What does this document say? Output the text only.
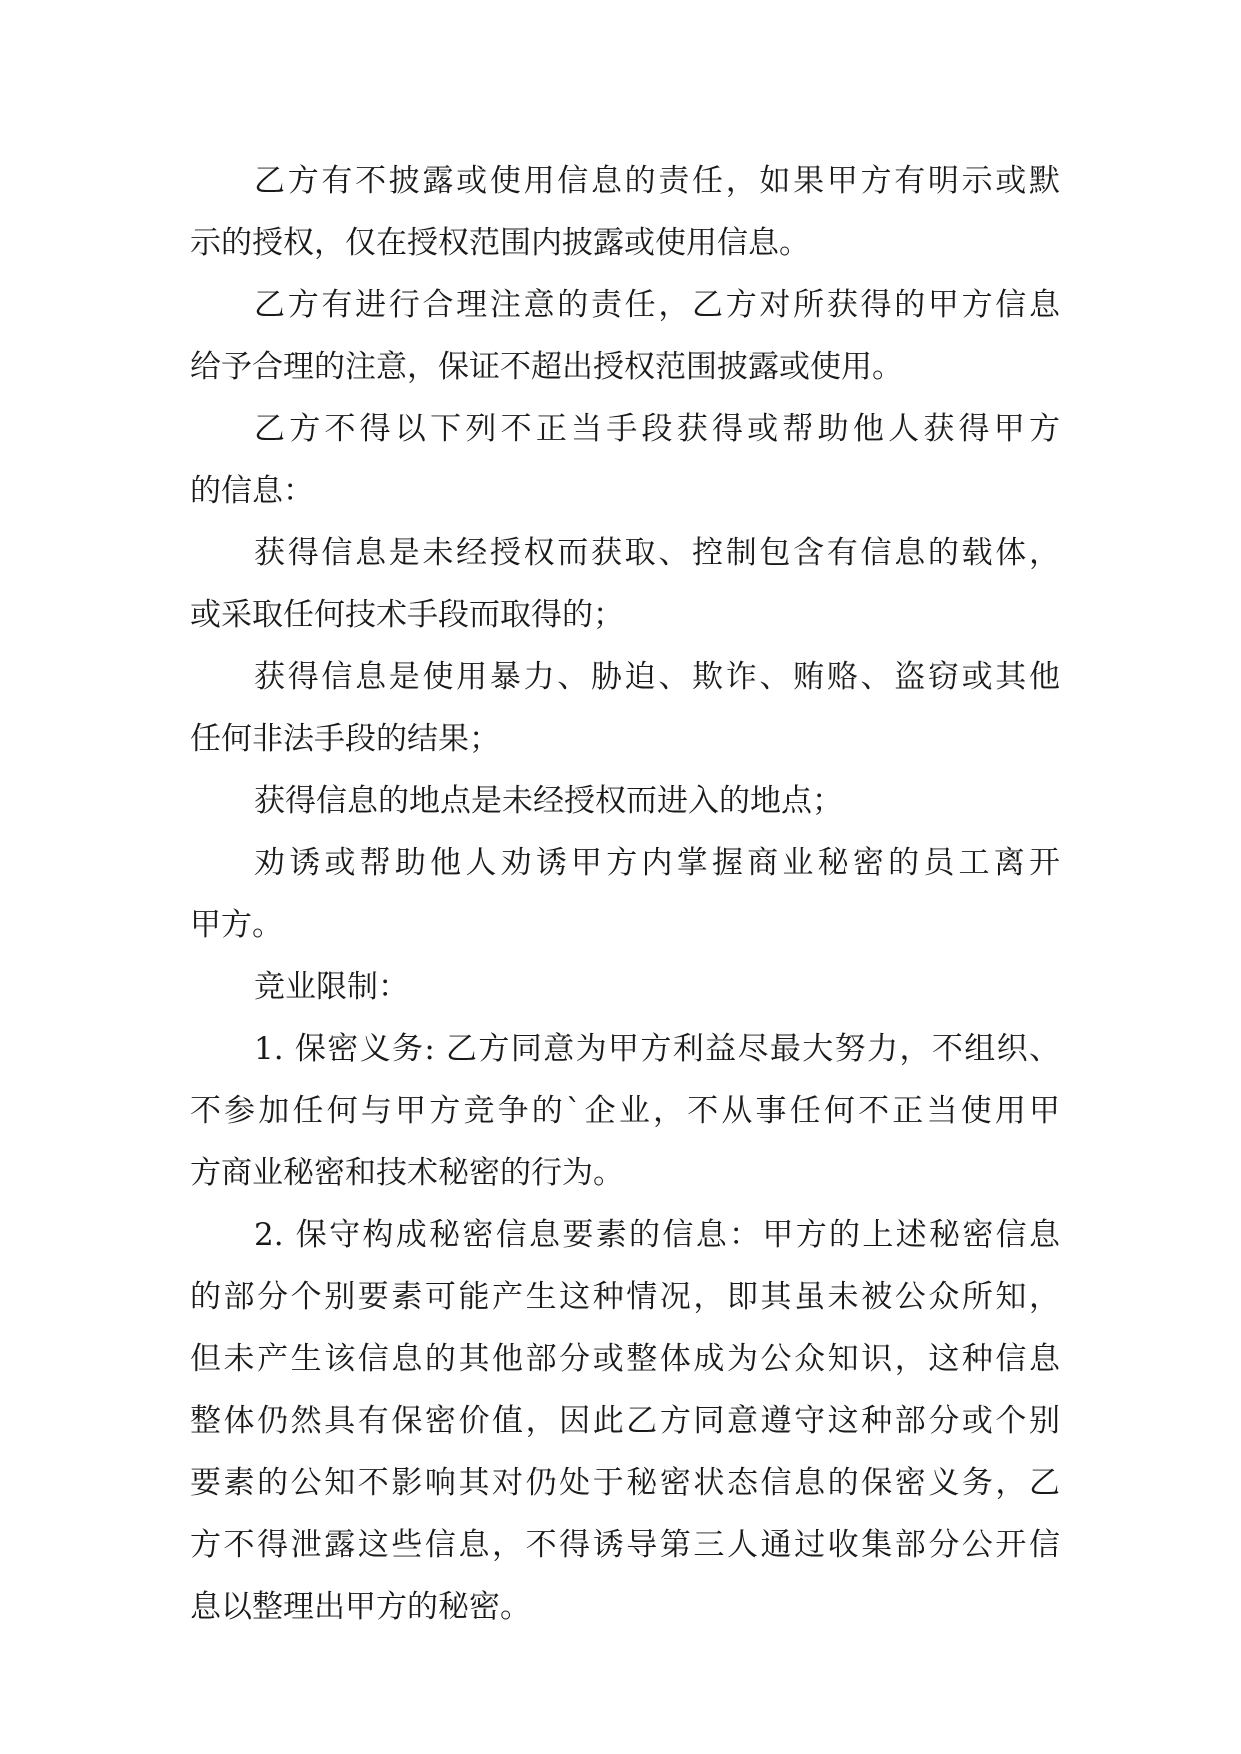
乙方有不披露或使用信息的责任，如果甲方有明示或默
示的授权，仅在授权范围内披露或使用信息。
乙方有进行合理注意的责任，乙方对所获得的甲方信息
给予合理的注意，保证不超出授权范围披露或使用。
乙方不得以下列不正当手段获得或帮助他人获得甲方
的信息：
获得信息是未经授权而获取、控制包含有信息的载体，
或采取任何技术手段而取得的；
获得信息是使用暴力、胁迫、欺诈、贿赂、盗窃或其他
任何非法手段的结果；
获得信息的地点是未经授权而进入的地点；
劝诱或帮助他人劝诱甲方内掌握商业秘密的员工离开
甲方。
竞业限制：
1. 保密义务: 乙方同意为甲方利益尽最大努力，不组织、
不参加任何与甲方竞争的`企业，不从事任何不正当使用甲
方商业秘密和技术秘密的行为。
2. 保守构成秘密信息要素的信息：甲方的上述秘密信息
的部分个别要素可能产生这种情况，即其虽未被公众所知，
但未产生该信息的其他部分或整体成为公众知识，这种信息
整体仍然具有保密价值，因此乙方同意遵守这种部分或个别
要素的公知不影响其对仍处于秘密状态信息的保密义务，乙
方不得泄露这些信息，不得诱导第三人通过收集部分公开信
息以整理出甲方的秘密。
